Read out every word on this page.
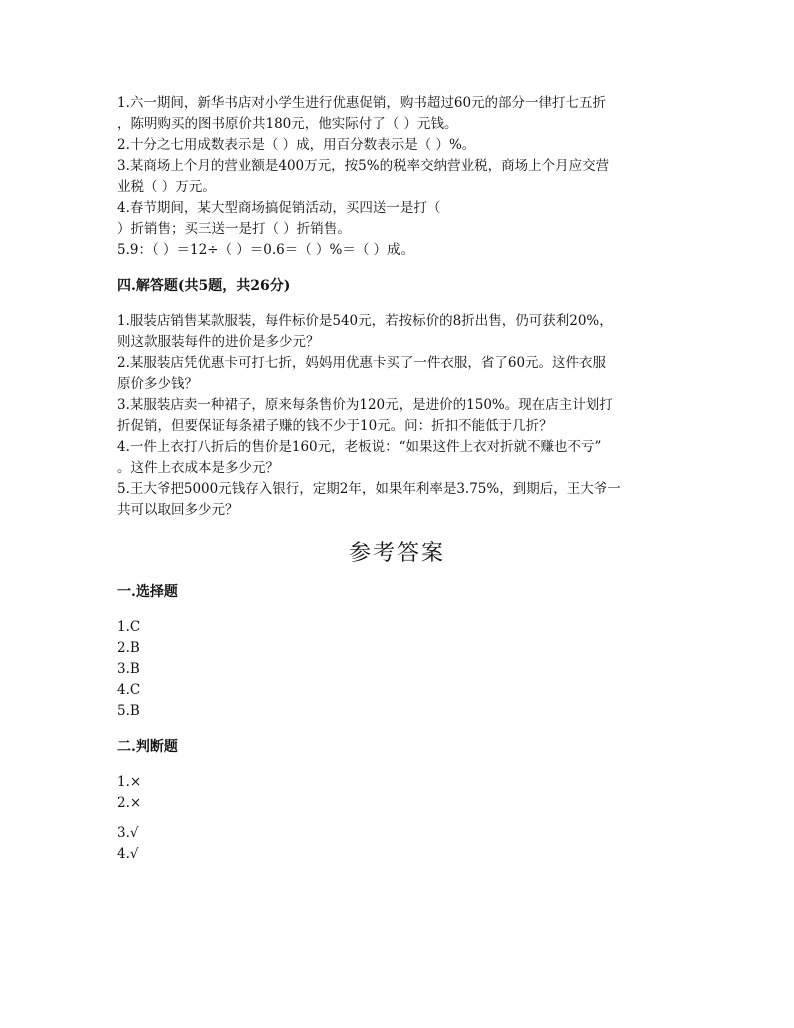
1.六一期间，新华书店对小学生进行优惠促销，购书超过60元的部分一律打七五折
，陈明购买的图书原价共180元，他实际付了（ ）元钱。
2.十分之七用成数表示是（ ）成，用百分数表示是（ ）%。
3.某商场上个月的营业额是400万元，按5%的税率交纳营业税，商场上个月应交营
业税（ ）万元。
4.春节期间，某大型商场搞促销活动，买四送一是打（
）折销售；买三送一是打（ ）折销售。
5.9：（ ）＝12÷（ ）＝0.6＝（ ）%＝（ ）成。
四.解答题(共5题，共26分)
1.服装店销售某款服装，每件标价是540元，若按标价的8折出售，仍可获利20%，
则这款服装每件的进价是多少元？
2.某服装店凭优惠卡可打七折，妈妈用优惠卡买了一件衣服，省了60元。这件衣服
原价多少钱？
3.某服装店卖一种裙子，原来每条售价为120元，是进价的150%。现在店主计划打
折促销，但要保证每条裙子赚的钱不少于10元。问：折扣不能低于几折？
4.一件上衣打八折后的售价是160元，老板说：“如果这件上衣对折就不赚也不亏”
。这件上衣成本是多少元？
5.王大爷把5000元钱存入银行，定期2年，如果年利率是3.75%，到期后，王大爷一
共可以取回多少元？
参考答案
一.选择题
1.C
2.B
3.B
4.C
5.B
二.判断题
1.×
2.×
3.√
4.√
